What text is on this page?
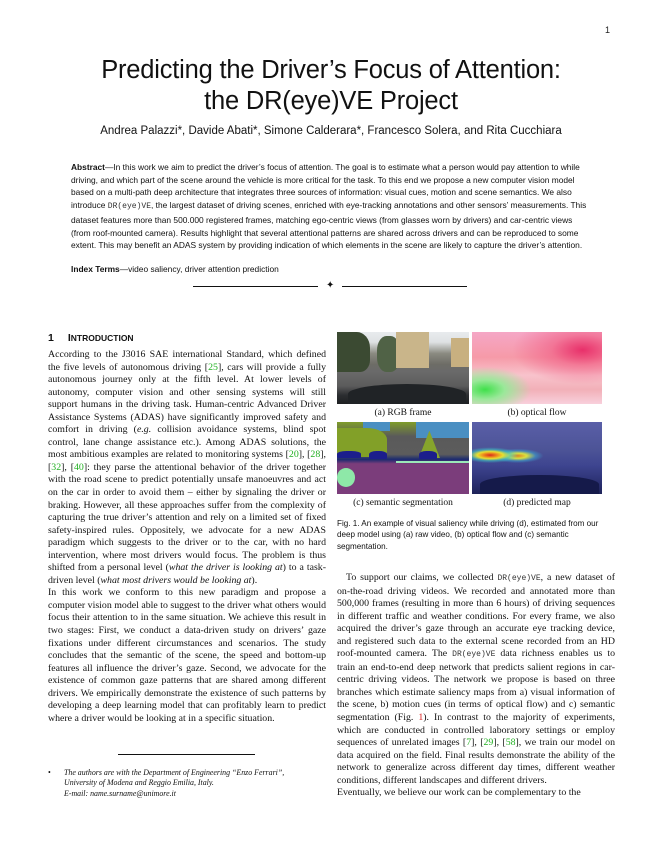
1
Predicting the Driver’s Focus of Attention:
the DR(eye)VE Project
Andrea Palazzi*, Davide Abati*, Simone Calderara*, Francesco Solera, and Rita Cucchiara
Abstract—In this work we aim to predict the driver’s focus of attention. The goal is to estimate what a person would pay attention to while driving, and which part of the scene around the vehicle is more critical for the task. To this end we propose a new computer vision model based on a multi-path deep architecture that integrates three sources of information: visual cues, motion and scene semantics. We also introduce DR(eye)VE, the largest dataset of driving scenes, enriched with eye-tracking annotations and other sensors’ measurements. This dataset features more than 500.000 registered frames, matching ego-centric views (from glasses worn by drivers) and car-centric views (from roof-mounted camera). Results highlight that several attentional patterns are shared across drivers and can be reproduced to some extent. This may benefit an ADAS system by providing indication of which elements in the scene are likely to capture the driver’s attention.
Index Terms—video saliency, driver attention prediction
✦
1 INTRODUCTION

According to the J3016 SAE international Standard, which defined the five levels of autonomous driving [25], cars will provide a fully autonomous journey only at the fifth level. At lower levels of autonomy, computer vision and other sensing systems will still support humans in the driving task. Human-centric Advanced Driver Assistance Systems (ADAS) have significantly improved safety and comfort in driving (e.g. collision avoidance systems, blind spot control, lane change assistance etc.). Among ADAS solutions, the most ambitious examples are related to monitoring systems [20], [28], [32], [40]: they parse the attentional behavior of the driver together with the road scene to predict potentially unsafe manoeuvres and act on the car in order to avoid them – either by signaling the driver or braking. However, all these approaches suffer from the complexity of capturing the true driver’s attention and rely on a limited set of fixed safety-inspired rules. Oppositely, we advocate for a new ADAS paradigm which suggests to the driver or to the car, with no hard intervention, where most drivers would focus. The problem is thus shifted from a personal level (what the driver is looking at) to a task-driven level (what most drivers would be looking at).

In this work we conform to this new paradigm and propose a computer vision model able to suggest to the driver what others would focus their attention to in the same situation. We achieve this result in two stages: First, we conduct a data-driven study on drivers’ gaze fixations under different circumstances and scenarios. The study concludes that the semantic of the scene, the speed and bottom-up features all influence the driver’s gaze. Second, we advocate for the existence of common gaze patterns that are shared among different drivers. We empirically demonstrate the existence of such patterns by developing a deep learning model that can profitably learn to predict where a driver would be looking at in a specific situation.

• The authors are with the Department of Engineering “Enzo Ferrari”,
University of Modena and Reggio Emilia, Italy.
E-mail: name.surname@unimore.it
(a) RGB frame	(b) optical flow
(c) semantic segmentation	(d) predicted map
Fig. 1. An example of visual saliency while driving (d), estimated from our deep model using (a) raw video, (b) optical flow and (c) semantic segmentation.

To support our claims, we collected DR(eye)VE, a new dataset of on-the-road driving videos. We recorded and annotated more than 500,000 frames (resulting in more than 6 hours) of driving sequences in different traffic and weather conditions. For every frame, we also acquired the driver’s gaze through an accurate eye tracking device, and registered such data to the external scene recorded from an HD roof-mounted camera. The DR(eye)VE data richness enables us to train an end-to-end deep network that predicts salient regions in car-centric driving videos. The network we propose is based on three branches which estimate saliency maps from a) visual information of the scene, b) motion cues (in terms of optical flow) and c) semantic segmentation (Fig. 1). In contrast to the majority of experiments, which are conducted in controlled laboratory settings or employ sequences of unrelated images [7], [29], [58], we train our model on data acquired on the field. Final results demonstrate the ability of the network to generalize across different day times, different weather conditions, different landscapes and different drivers.

Eventually, we believe our work can be complementary to the
